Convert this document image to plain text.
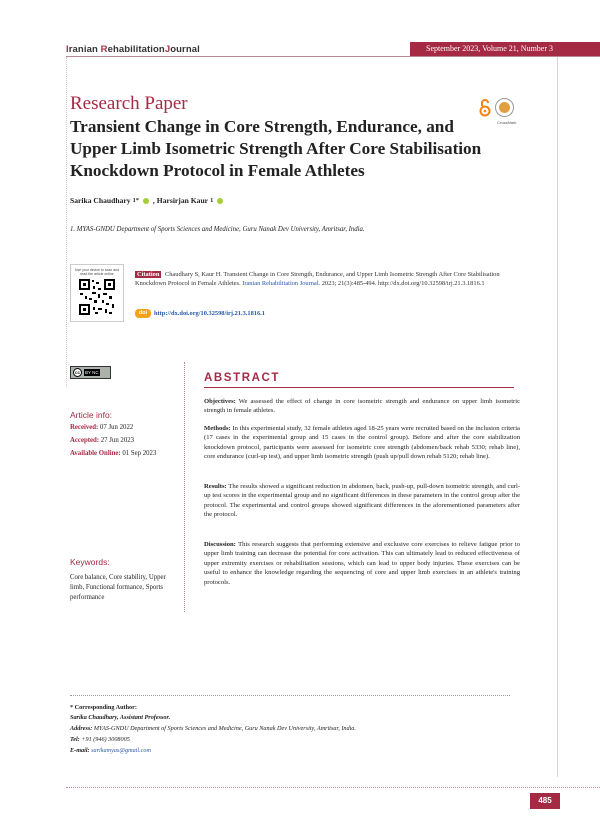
Iranian RehabilitationJournal	September 2023, Volume 21, Number 3
Research Paper
Transient Change in Core Strength, Endurance, and Upper Limb Isometric Strength After Core Stabilisation Knockdown Protocol in Female Athletes
CrossMark
Sarika Chaudhary 1* , Harsirjan Kaur 1
1. MYAS-GNDU Department of Sports Sciences and Medicine, Guru Nanak Dev University, Amritsar, India.
Use your device to scan and read the article online	Citation Chaudhary S, Kaur H. Transient Change in Core Strength, Endurance, and Upper Limb Isometric Strength After Core Stabilisation Knockdown Protocol in Female Athletes. Iranian Rehabilitation Journal. 2023; 21(3):485-494. http://dx.doi.org/10.32598/irj.21.3.1816.1
doi	http://dx.doi.org/10.32598/irj.21.3.1816.1
cc	BY NC
Article info:
Received: 07 Jun 2022
Accepted: 27 Jun 2023
Available Online: 01 Sep 2023
Keywords:
Core balance, Core stability, Upper limb, Functional formance, Sports performance
ABSTRACT
Objectives: We assessed the effect of change in core isometric strength and endurance on upper limb isometric strength in female athletes.
Methods: In this experimental study, 32 female athletes aged 18-25 years were recruited based on the inclusion criteria (17 cases in the experimental group and 15 cases in the control group). Before and after the core stabilization knockdown protocol, participants were assessed for isometric core strength (abdomen/back rehab 5330; rehab line), core endurance (curl-up test), and upper limb isometric strength (push up/pull down rehab 5120; rehab line).
Results: The results showed a significant reduction in abdomen, back, push-up, pull-down isometric strength, and curl-up test scores in the experimental group and no significant differences in these parameters in the control group after the protocol. The experimental and control groups showed significant differences in the aforementioned parameters after the protocol.
Discussion: This research suggests that performing extensive and exclusive core exercises to relieve fatigue prior to upper limb training can decrease the potential for core activation. This can ultimately lead to reduced effectiveness of upper extremity exercises or rehabilitation sessions, which can lead to upper body injuries. These exercises can be useful to enhance the knowledge regarding the sequencing of core and upper limb exercises in an athlete's training protocols.
* Corresponding Author:
Sarika Chaudhary, Assistant Professor.
Address: MYAS-GNDU Department of Sports Sciences and Medicine, Guru Nanak Dev University, Amritsar, India.
Tel: +91 (946) 3008005
E-mail: sarikamyas@gmail.com
485
